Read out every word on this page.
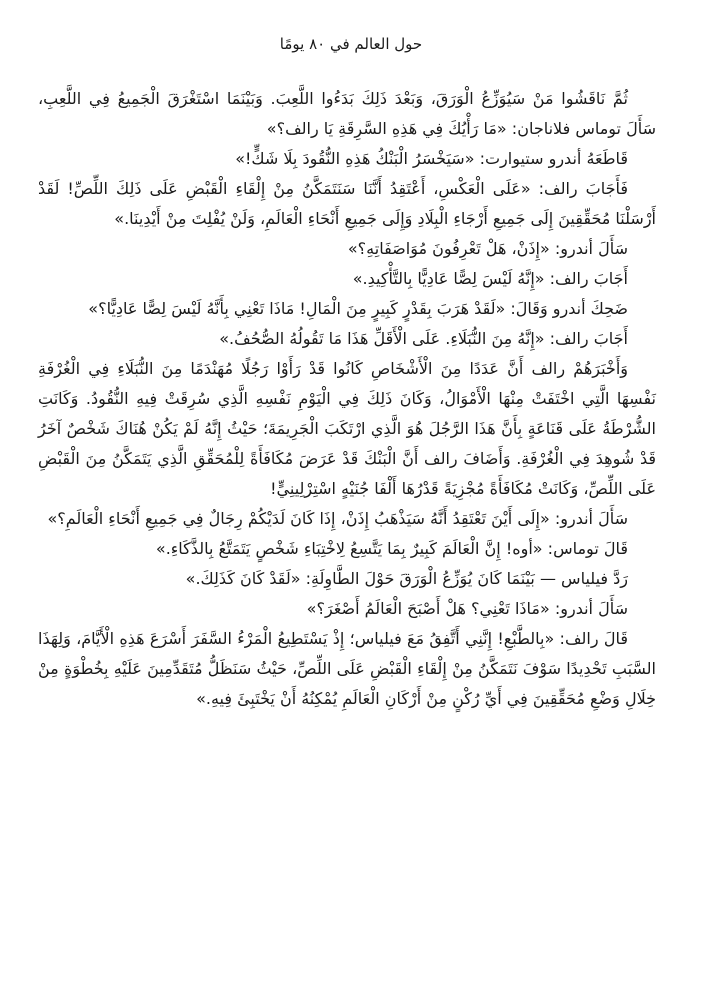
حول العالم في ٨٠ يومًا

ثُمَّ نَاقَشُوا مَنْ سَيُوَزِّعُ الْوَرَقَ، وَبَعْدَ ذَلِكَ بَدَءُوا اللَّعِبَ. وَبَيْنَمَا اسْتَغْرَقَ الْجَمِيعُ فِي اللَّعِبِ، سَأَلَ توماس فلاناجان: «مَا رَأْيُكَ فِي هَذِهِ السَّرِقَةِ يَا رالف؟»

قَاطَعَهُ أندرو ستيوارت: «سَيَخْسَرُ الْبَنْكُ هَذِهِ النُّقُودَ بِلَا شَكٍّ!»

فَأَجَابَ رالف: «عَلَى الْعَكْسِ، أَعْتَقِدُ أَنَّنَا سَنَتَمَكَّنُ مِنْ إِلْقَاءِ الْقَبْضِ عَلَى ذَلِكَ اللِّصِّ! لَقَدْ أَرْسَلْنَا مُحَقِّقِينَ إِلَى جَمِيعِ أَرْجَاءِ الْبِلَادِ وَإِلَى جَمِيعِ أَنْحَاءِ الْعَالَمِ، وَلَنْ يُفْلِتَ مِنْ أَيْدِينَا.»

سَأَلَ أندرو: «إِذَنْ، هَلْ تَعْرِفُونَ مُوَاصَفَاتِهِ؟»

أَجَابَ رالف: «إِنَّهُ لَيْسَ لِصًّا عَادِيًّا بِالتَّأْكِيدِ.»

ضَحِكَ أندرو وَقَالَ: «لَقَدْ هَرَبَ بِقَدْرٍ كَبِيرٍ مِنَ الْمَالِ! مَاذَا تَعْنِي بِأَنَّهُ لَيْسَ لِصًّا عَادِيًّا؟»

أَجَابَ رالف: «إِنَّهُ مِنَ النُّبَلَاءِ. عَلَى الْأَقَلِّ هَذَا مَا تَقُولُهُ الصُّحُفُ.»

وَأَخْبَرَهُمْ رالف أَنَّ عَدَدًا مِنَ الْأَشْخَاصِ كَانُوا قَدْ رَأَوْا رَجُلًا مُهَنْدَمًا مِنَ النُّبَلَاءِ فِي الْغُرْفَةِ نَفْسِهَا الَّتِي اخْتَفَتْ مِنْهَا الْأَمْوَالُ، وَكَانَ ذَلِكَ فِي الْيَوْمِ نَفْسِهِ الَّذِي سُرِقَتْ فِيهِ النُّقُودُ. وَكَانَتِ الشُّرْطَةُ عَلَى قَنَاعَةٍ بِأَنَّ هَذَا الرَّجُلَ هُوَ الَّذِي ارْتَكَبَ الْجَرِيمَةَ؛ حَيْثُ إِنَّهُ لَمْ يَكُنْ هُنَاكَ شَخْصٌ آخَرُ قَدْ شُوهِدَ فِي الْغُرْفَةِ. وَأَضَافَ رالف أَنَّ الْبَنْكَ قَدْ عَرَضَ مُكَافَأَةً لِلْمُحَقِّقِ الَّذِي يَتَمَكَّنُ مِنَ الْقَبْضِ عَلَى اللِّصِّ، وَكَانَتْ مُكَافَأَةً مُجْزِيَةً قَدْرُهَا أَلْفَا جُنَيْهٍ اسْتِرْلِينِيٍّ!

سَأَلَ أندرو: «إِلَى أَيْنَ تَعْتَقِدُ أَنَّهُ سَيَذْهَبُ إِذَنْ، إِذَا كَانَ لَدَيْكُمْ رِجَالٌ فِي جَمِيعِ أَنْحَاءِ الْعَالَمِ؟»

قَالَ توماس: «أوه! إِنَّ الْعَالَمَ كَبِيرٌ بِمَا يَتَّسِعُ لِاخْتِبَاءِ شَخْصٍ يَتَمَتَّعُ بِالذَّكَاءِ.»

رَدَّ فيلياس — بَيْنَمَا كَانَ يُوَزِّعُ الْوَرَقَ حَوْلَ الطَّاوِلَةِ: «لَقَدْ كَانَ كَذَلِكَ.»

سَأَلَ أندرو: «مَاذَا تَعْنِي؟ هَلْ أَصْبَحَ الْعَالَمُ أَصْغَرَ؟»

قَالَ رالف: «بِالطَّبْعِ! إِنَّنِي أَتَّفِقُ مَعَ فيلياس؛ إِذْ يَسْتَطِيعُ الْمَرْءُ السَّفَرَ أَسْرَعَ هَذِهِ الْأَيَّامَ، وَلِهَذَا السَّبَبِ تَحْدِيدًا سَوْفَ نَتَمَكَّنُ مِنْ إِلْقَاءِ الْقَبْضِ عَلَى اللِّصِّ، حَيْثُ سَنَظَلُّ مُتَقَدِّمِينَ عَلَيْهِ بِخُطْوَةٍ مِنْ خِلَالِ وَضْعِ مُحَقِّقِينَ فِي أَيِّ رُكْنٍ مِنْ أَرْكَانِ الْعَالَمِ يُمْكِنُهُ أَنْ يَخْتَبِئَ فِيهِ.»
